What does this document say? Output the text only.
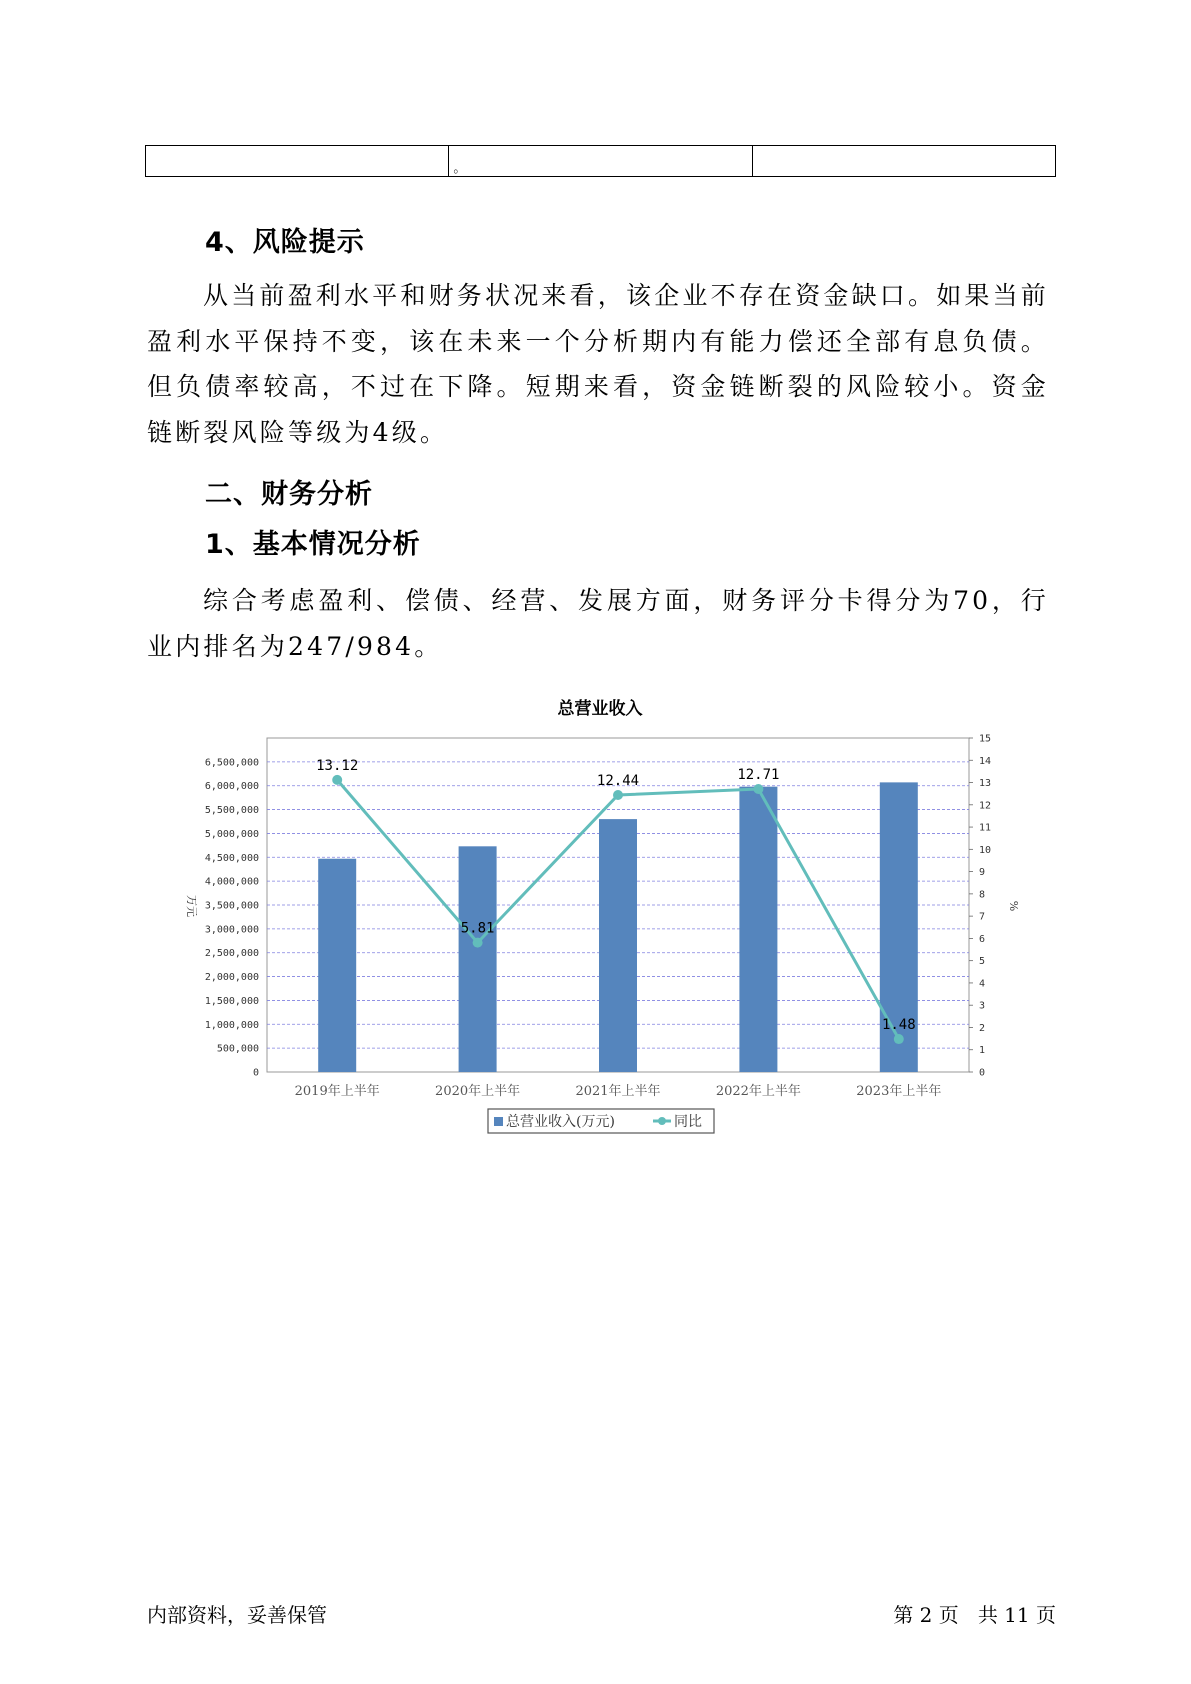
	。	
4、风险提示

从当前盈利水平和财务状况来看，该企业不存在资金缺口。如果当前盈利水平保持不变，该在未来一个分析期内有能力偿还全部有息负债。但负债率较高，不过在下降。短期来看，资金链断裂的风险较小。资金链断裂风险等级为4级。

二、财务分析
1、基本情况分析

综合考虑盈利、偿债、经营、发展方面，财务评分卡得分为70，行业内排名为247/984。

总营业收入
13.12
5.81
12.44	12.71
1.48
0
500,000
1,000,000
1,500,000
2,000,000
2,500,000
3,000,000
3,500,000
4,000,000
4,500,000
5,000,000
5,500,000
6,000,000
6,500,000
0
1
2
3
4
5
6
7
8
9
10
11
12
13
14
15
2019年上半年	2020年上半年	2021年上半年	2022年上半年	2023年上半年
万元	%
总营业收入(万元)	同比
内部资料，妥善保管	第 2 页   共 11 页
